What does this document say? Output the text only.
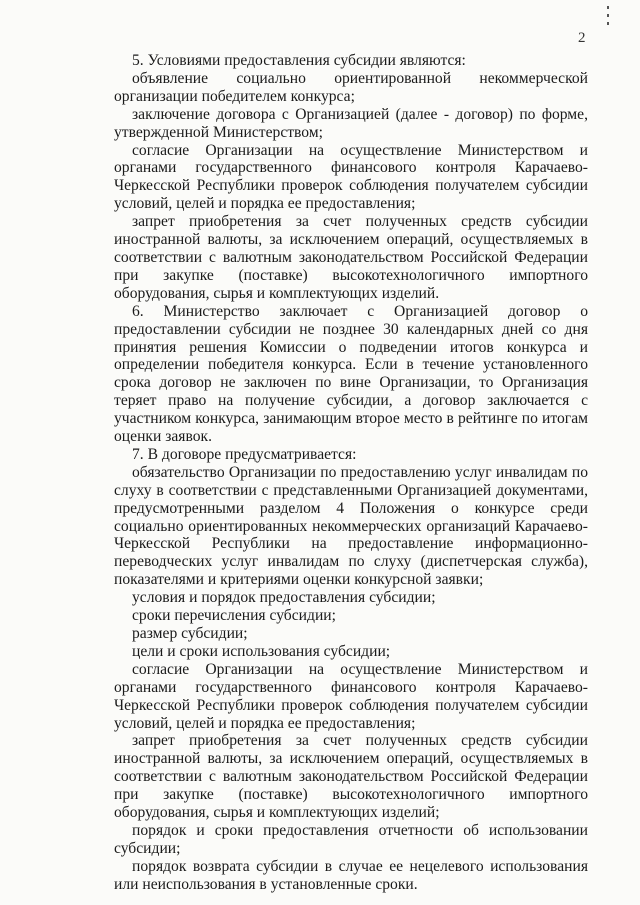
2

5. Условиями предоставления субсидии являются:

объявление социально ориентированной некоммерческой организации победителем конкурса;

заключение договора с Организацией (далее - договор) по форме, утвержденной Министерством;

согласие Организации на осуществление Министерством и органами государственного финансового контроля Карачаево-Черкесской Республики проверок соблюдения получателем субсидии условий, целей и порядка ее предоставления;

запрет приобретения за счет полученных средств субсидии иностранной валюты, за исключением операций, осуществляемых в соответствии с валютным законодательством Российской Федерации при закупке (поставке) высокотехнологичного импортного оборудования, сырья и комплектующих изделий.

6. Министерство заключает с Организацией договор о предоставлении субсидии не позднее 30 календарных дней со дня принятия решения Комиссии о подведении итогов конкурса и определении победителя конкурса. Если в течение установленного срока договор не заключен по вине Организации, то Организация теряет право на получение субсидии, а договор заключается с участником конкурса, занимающим второе место в рейтинге по итогам оценки заявок.

7. В договоре предусматривается:

обязательство Организации по предоставлению услуг инвалидам по слуху в соответствии с представленными Организацией документами, предусмотренными разделом 4 Положения о конкурсе среди социально ориентированных некоммерческих организаций Карачаево-Черкесской Республики на предоставление информационно-переводческих услуг инвалидам по слуху (диспетчерская служба), показателями и критериями оценки конкурсной заявки;

условия и порядок предоставления субсидии;

сроки перечисления субсидии;

размер субсидии;

цели и сроки использования субсидии;

согласие Организации на осуществление Министерством и органами государственного финансового контроля Карачаево-Черкесской Республики проверок соблюдения получателем субсидии условий, целей и порядка ее предоставления;

запрет приобретения за счет полученных средств субсидии иностранной валюты, за исключением операций, осуществляемых в соответствии с валютным законодательством Российской Федерации при закупке (поставке) высокотехнологичного импортного оборудования, сырья и комплектующих изделий;

порядок и сроки предоставления отчетности об использовании субсидии;

порядок возврата субсидии в случае ее нецелевого использования или неиспользования в установленные сроки.
